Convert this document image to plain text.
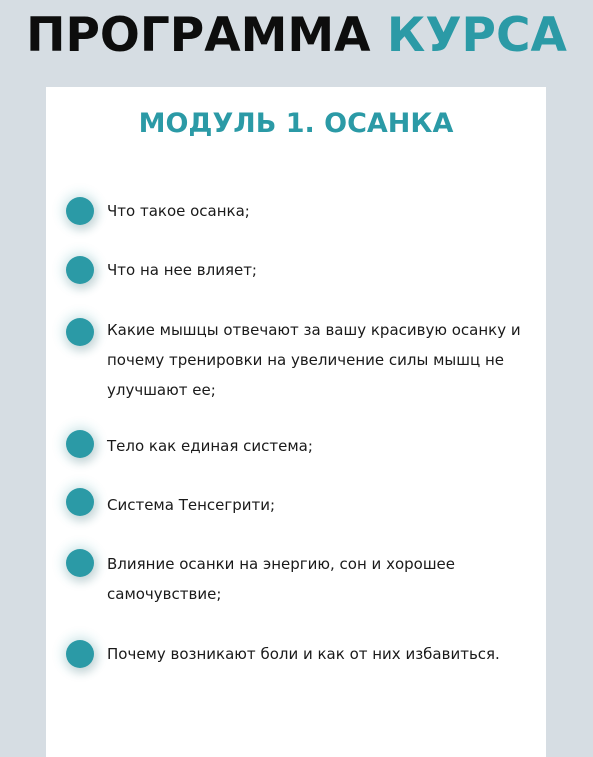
ПРОГРАММА КУРСА
МОДУЛЬ 1. ОСАНКА
Что такое осанка;
Что на нее влияет;
Какие мышцы отвечают за вашу красивую осанку и
почему тренировки на увеличение силы мышц не
улучшают ее;
Тело как единая система;
Система Тенсегрити;
Влияние осанки на энергию, сон и хорошее
самочувствие;
Почему возникают боли и как от них избавиться.
